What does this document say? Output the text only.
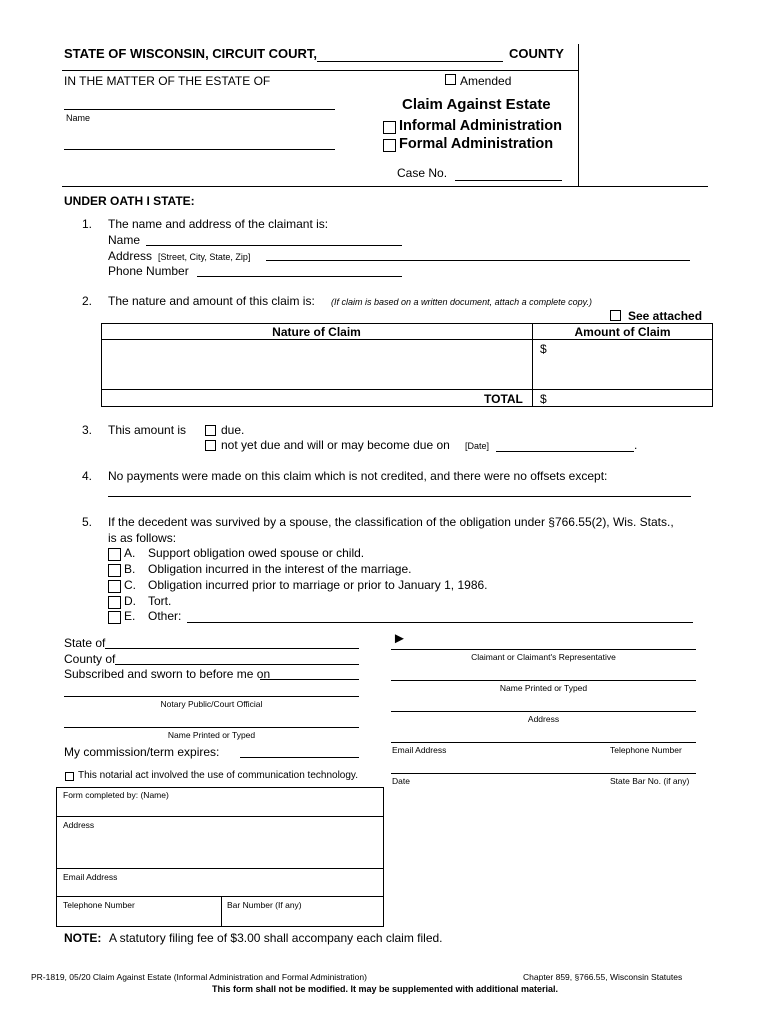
STATE OF WISCONSIN, CIRCUIT COURT,	COUNTY
IN THE MATTER OF THE ESTATE OF	Amended
Name
Claim Against Estate
Informal Administration
Formal Administration
Case No.
UNDER OATH I STATE:
1. The name and address of the claimant is:
Name
Address [Street, City, State, Zip]
Phone Number
2. The nature and amount of this claim is: (If claim is based on a written document, attach a complete copy.)
See attached
Nature of Claim	Amount of Claim
$
TOTAL $
3. This amount is	due.
not yet due and will or may become due on [Date]	.
4. No payments were made on this claim which is not credited, and there were no offsets except:
5. If the decedent was survived by a spouse, the classification of the obligation under §766.55(2), Wis. Stats.,
is as follows:
A. Support obligation owed spouse or child.
B. Obligation incurred in the interest of the marriage.
C. Obligation incurred prior to marriage or prior to January 1, 1986.
D. Tort.
E. Other:
State of
County of
Subscribed and sworn to before me on
Notary Public/Court Official
Name Printed or Typed
My commission/term expires:
This notarial act involved the use of communication technology.
►
Claimant or Claimant's Representative
Name Printed or Typed
Address
Email Address	Telephone Number
Date	State Bar No. (if any)
Form completed by: (Name)
Address
Email Address
Telephone Number	Bar Number (If any)
NOTE: A statutory filing fee of $3.00 shall accompany each claim filed.
PR-1819, 05/20 Claim Against Estate (Informal Administration and Formal Administration)	Chapter 859, §766.55, Wisconsin Statutes
This form shall not be modified. It may be supplemented with additional material.
